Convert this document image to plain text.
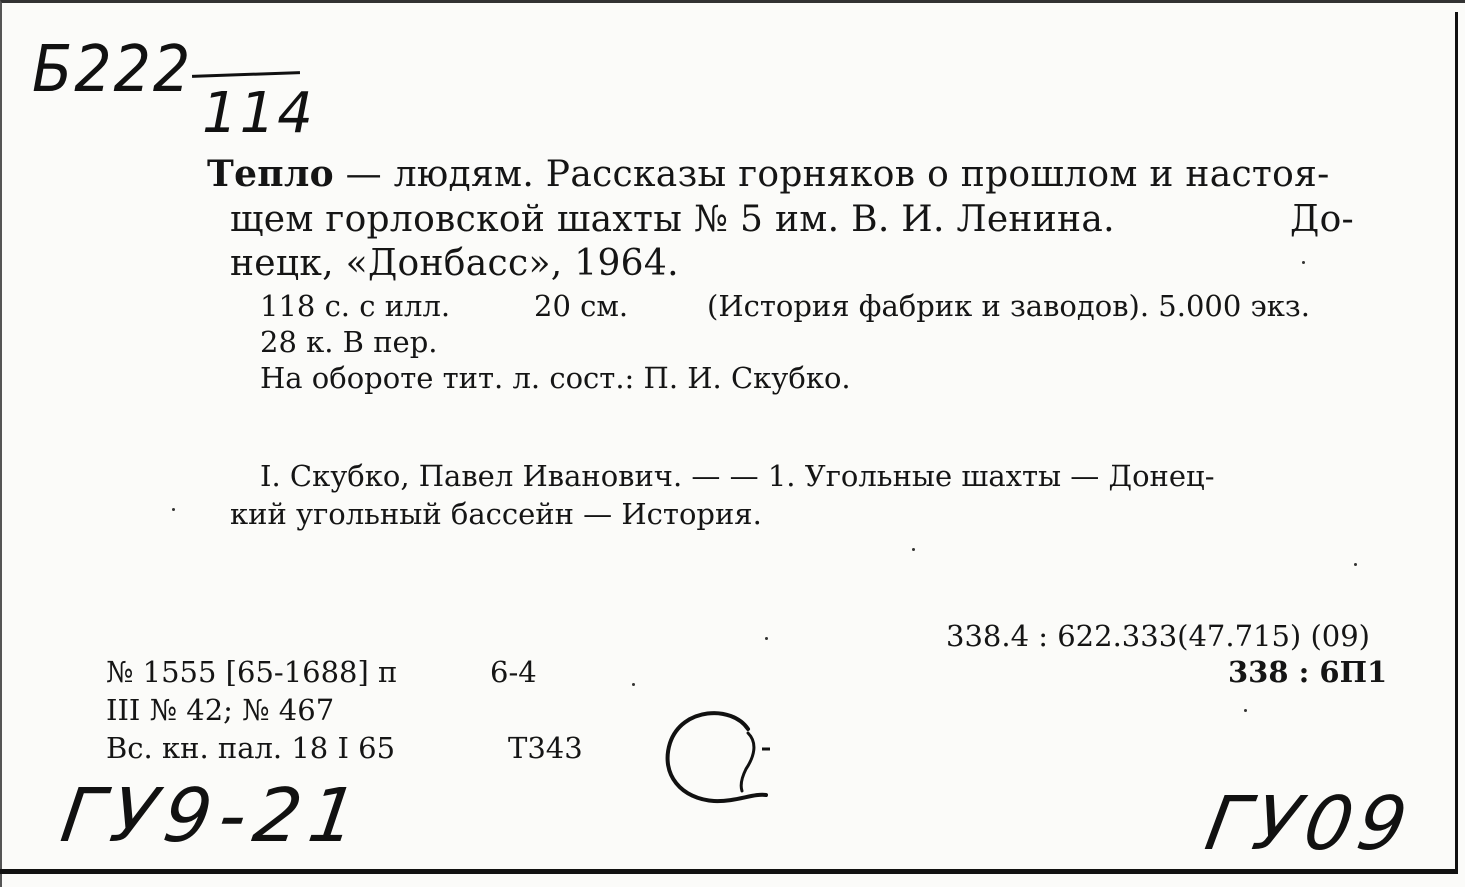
Б222
114
Тепло — людям. Рассказы горняков о прошлом и настоя-
щем горловской шахты № 5 им. В. И. Ленина.	До-
нецк, «Донбасс», 1964.
118 с. с илл.	20 см.	(История фабрик и заводов). 5.000 экз.
28 к. В пер.
На обороте тит. л. сост.: П. И. Скубко.
I. Скубко, Павел Иванович. — — 1. Угольные шахты — Донец-
кий угольный бассейн — История.
338.4 : 622.333(47.715) (09)
338 : 6П1
№ 1555 [65-1688] п	6-4
III № 42; № 467
Вс. кн. пал. 18 I 65	Т343
ГУ9-21	ГУ09
